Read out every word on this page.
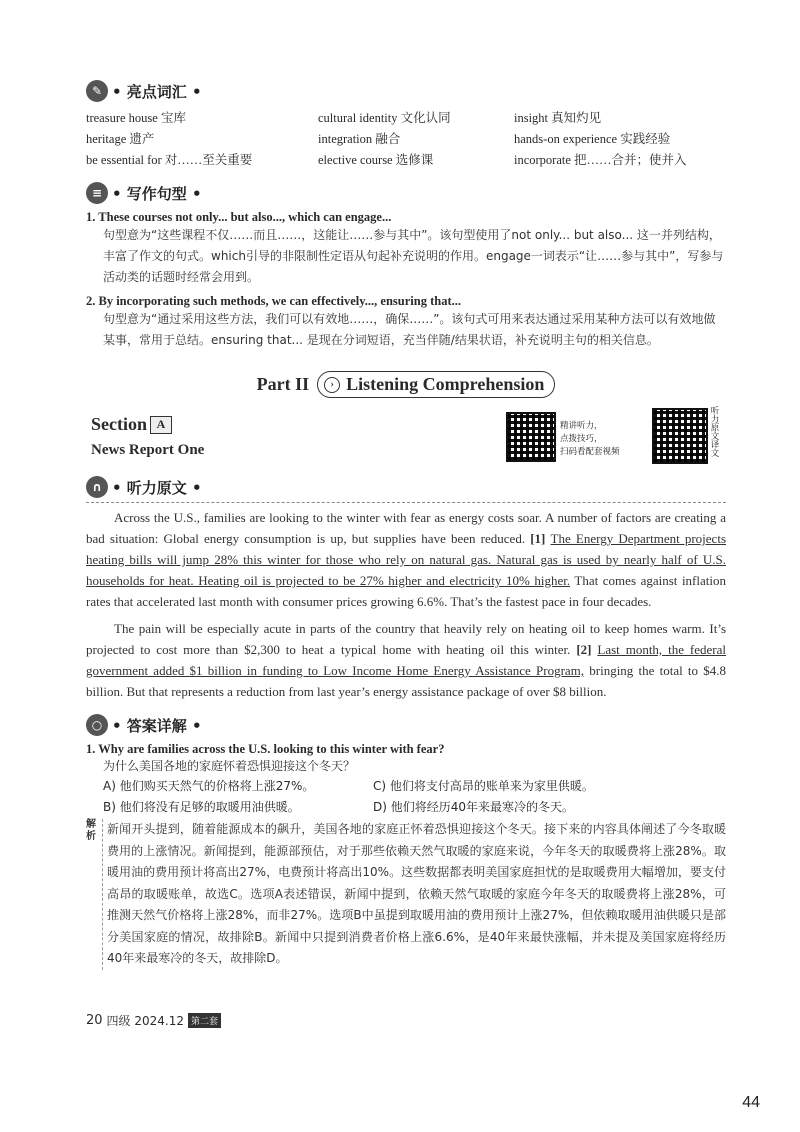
✎ • 亮点词汇 •
treasure house 宝库	cultural identity 文化认同	insight 真知灼见
heritage 遗产	integration 融合	hands-on experience 实践经验
be essential for 对……至关重要	elective course 选修课	incorporate 把……合并；使并入
≡ • 写作句型 •
1. These courses not only... but also..., which can engage...
句型意为“这些课程不仅……而且……，这能让……参与其中”。该句型使用了not only... but also... 这一并列结构，丰富了作文的句式。which引导的非限制性定语从句起补充说明的作用。engage一词表示“让……参与其中”，写参与活动类的话题时经常会用到。
2. By incorporating such methods, we can effectively..., ensuring that...
句型意为“通过采用这些方法，我们可以有效地……，确保……”。该句式可用来表达通过采用某种方法可以有效地做某事，常用于总结。ensuring that... 是现在分词短语，充当伴随/结果状语，补充说明主句的相关信息。
Part II	› Listening Comprehension
Section A
News Report One
精讲听力，
点拨技巧，
扫码看配套视频	听力原文译文
∩ • 听力原文 •

Across the U.S., families are looking to the winter with fear as energy costs soar. A number of factors are creating a bad situation: Global energy consumption is up, but supplies have been reduced. [1] The Energy Department projects heating bills will jump 28% this winter for those who rely on natural gas. Natural gas is used by nearly half of U.S. households for heat. Heating oil is projected to be 27% higher and electricity 10% higher. That comes against inflation rates that accelerated last month with consumer prices growing 6.6%. That’s the fastest pace in four decades.

The pain will be especially acute in parts of the country that heavily rely on heating oil to keep homes warm. It’s projected to cost more than $2,300 to heat a typical home with heating oil this winter. [2] Last month, the federal government added $1 billion in funding to Low Income Home Energy Assistance Program, bringing the total to $4.8 billion. But that represents a reduction from last year’s energy assistance package of over $8 billion.

○ • 答案详解 •
1. Why are families across the U.S. looking to this winter with fear?
为什么美国各地的家庭怀着恐惧迎接这个冬天？
A) 他们购买天然气的价格将上涨27%。	C) 他们将支付高昂的账单来为家里供暖。
B) 他们将没有足够的取暖用油供暖。	D) 他们将经历40年来最寒冷的冬天。
解析
新闻开头提到，随着能源成本的飙升，美国各地的家庭正怀着恐惧迎接这个冬天。接下来的内容具体阐述了今冬取暖费用的上涨情况。新闻提到，能源部预估，对于那些依赖天然气取暖的家庭来说，今年冬天的取暖费将上涨28%。取暖用油的费用预计将高出27%，电费预计将高出10%。这些数据都表明美国家庭担忧的是取暖费用大幅增加，要支付高昂的取暖账单，故选C。选项A表述错误，新闻中提到，依赖天然气取暖的家庭今年冬天的取暖费将上涨28%，可推测天然气价格将上涨28%，而非27%。选项B中虽提到取暖用油的费用预计上涨27%，但依赖取暖用油供暖只是部分美国家庭的情况，故排除B。新闻中只提到消费者价格上涨6.6%，是40年来最快涨幅，并未提及美国家庭将经历40年来最寒冷的冬天，故排除D。
20 四级 2024.12 第二套
44
